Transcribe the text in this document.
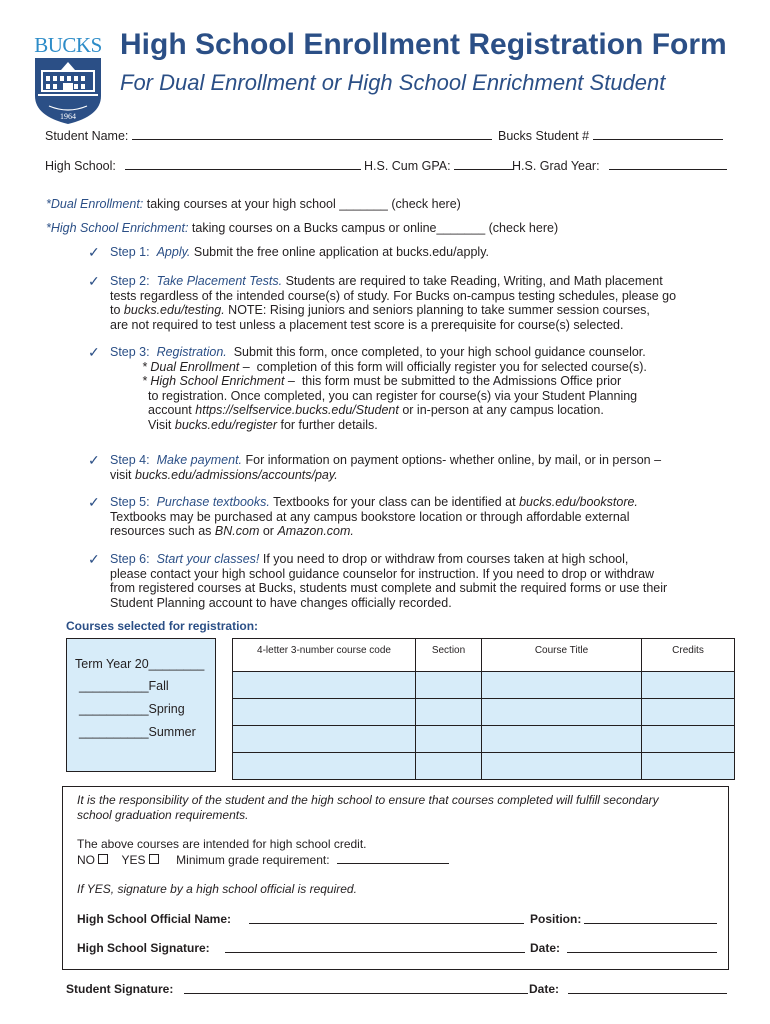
BUCKS
1964
High School Enrollment Registration Form
For Dual Enrollment or High School Enrichment Student
Student Name:	Bucks Student #
High School:	H.S. Cum GPA:	H.S. Grad Year:
*Dual Enrollment: taking courses at your high school _______ (check here)
*High School Enrichment: taking courses on a Bucks campus or online_______ (check here)
✓ Step 1: Apply. Submit the free online application at bucks.edu/apply.
✓ Step 2: Take Placement Tests. Students are required to take Reading, Writing, and Math placement
tests regardless of the intended course(s) of study. For Bucks on-campus testing schedules, please go
to bucks.edu/testing. NOTE: Rising juniors and seniors planning to take summer session courses,
are not required to test unless a placement test score is a prerequisite for course(s) selected.
✓ Step 3: Registration. Submit this form, once completed, to your high school guidance counselor.
* Dual Enrollment – completion of this form will officially register you for selected course(s).
* High School Enrichment – this form must be submitted to the Admissions Office prior
to registration. Once completed, you can register for course(s) via your Student Planning
account https://selfservice.bucks.edu/Student or in-person at any campus location.
Visit bucks.edu/register for further details.
✓ Step 4: Make payment. For information on payment options- whether online, by mail, or in person –
visit bucks.edu/admissions/accounts/pay.
✓ Step 5: Purchase textbooks. Textbooks for your class can be identified at bucks.edu/bookstore.
Textbooks may be purchased at any campus bookstore location or through affordable external
resources such as BN.com or Amazon.com.
✓ Step 6: Start your classes! If you need to drop or withdraw from courses taken at high school,
please contact your high school guidance counselor for instruction. If you need to drop or withdraw
from registered courses at Bucks, students must complete and submit the required forms or use their
Student Planning account to have changes officially recorded.
Courses selected for registration:
Term Year 20________
__________Fall
__________Spring
__________Summer
4-letter 3-number course code	Section	Course Title	Credits

It is the responsibility of the student and the high school to ensure that courses completed will fulfill secondary
school graduation requirements.
The above courses are intended for high school credit.
NO YES	Minimum grade requirement:
If YES, signature by a high school official is required.
High School Official Name:	Position:
High School Signature:	Date:
Student Signature:	Date:
